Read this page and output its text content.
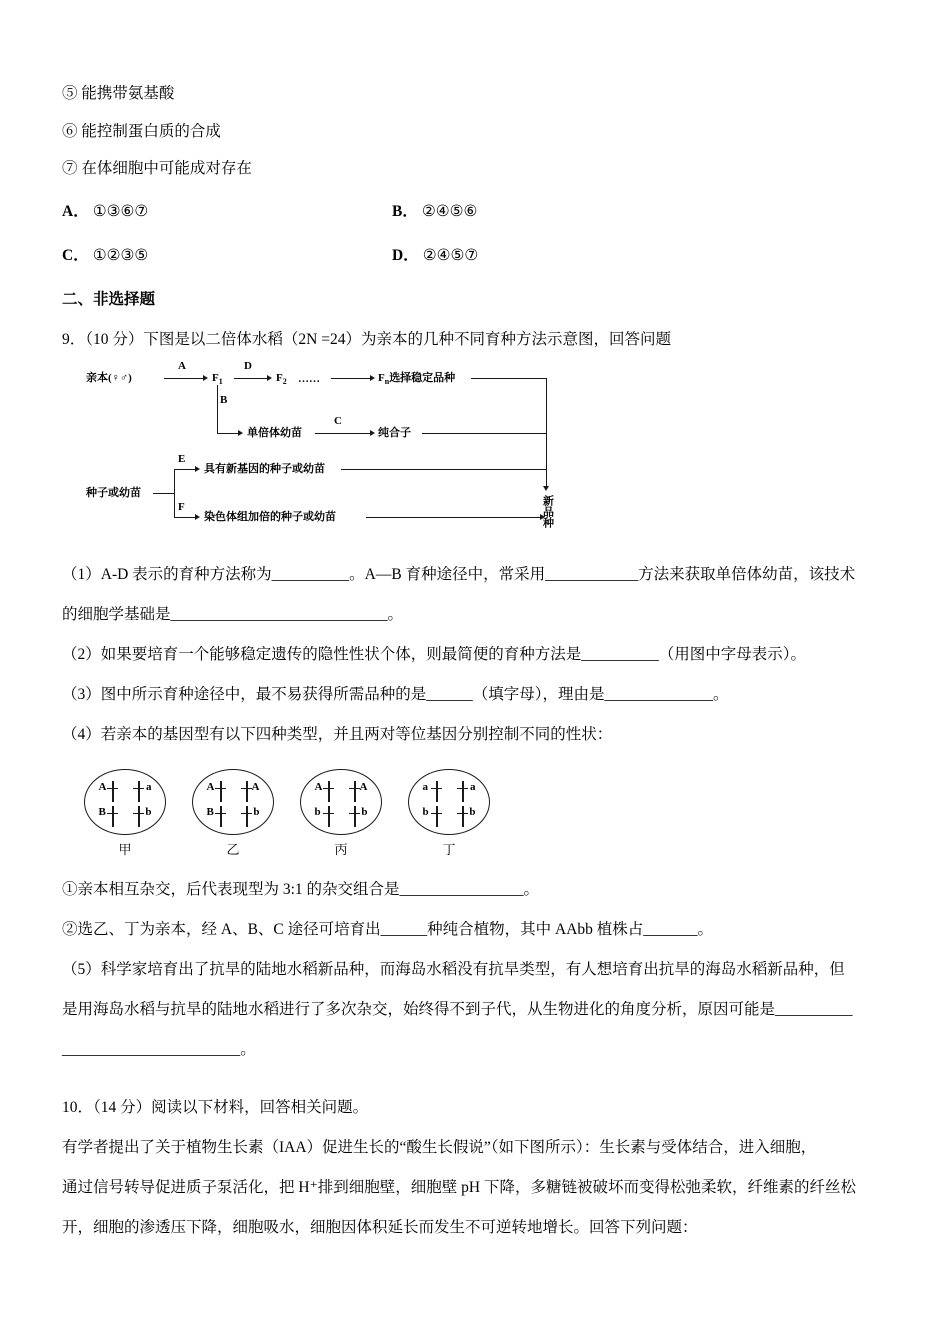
⑤ 能携带氨基酸
⑥ 能控制蛋白质的合成
⑦ 在体细胞中可能成对存在
A． ①③⑥⑦	B． ②④⑤⑥
C． ①②③⑤	D． ②④⑤⑦
二、非选择题
9．（10 分）下图是以二倍体水稻（2N =24）为亲本的几种不同育种方法示意图，回答问题
亲本(♀♂)
A
$F_1$
D
$F_2$ ……	$F_n$选择稳定品种
B
单倍体幼苗
C
纯合子
种子或幼苗
E
具有新基因的种子或幼苗
F
染色体组加倍的种子或幼苗	新品种
（1）A-D 表示的育种方法称为__________。A—B 育种途径中，常采用____________方法来获取单倍体幼苗，该技术
的细胞学基础是____________________________。
（2）如果要培育一个能够稳定遗传的隐性性状个体，则最简便的育种方法是__________（用图中字母表示）。
（3）图中所示育种途径中，最不易获得所需品种的是______（填字母），理由是______________。
（4）若亲本的基因型有以下四种类型，并且两对等位基因分别控制不同的性状：
A	a
B	b
甲
A	A
B	b
乙
A	A
b	b
丙
a	a
b	b
丁
①亲本相互杂交，后代表现型为 3:1 的杂交组合是________________。
②选乙、丁为亲本，经 A、B、C 途径可培育出______种纯合植物，其中 AAbb 植株占_______。
（5）科学家培育出了抗旱的陆地水稻新品种，而海岛水稻没有抗旱类型，有人想培育出抗旱的海岛水稻新品种，但
是用海岛水稻与抗旱的陆地水稻进行了多次杂交，始终得不到子代，从生物进化的角度分析，原因可能是__________
_______________________。
10．（14 分）阅读以下材料，回答相关问题。
有学者提出了关于植物生长素（IAA）促进生长的“酸生长假说”（如下图所示）：生长素与受体结合，进入细胞，
通过信号转导促进质子泵活化，把 H⁺排到细胞壁，细胞壁 pH 下降，多糖链被破坏而变得松弛柔软，纤维素的纤丝松
开，细胞的渗透压下降，细胞吸水，细胞因体积延长而发生不可逆转地增长。回答下列问题：
